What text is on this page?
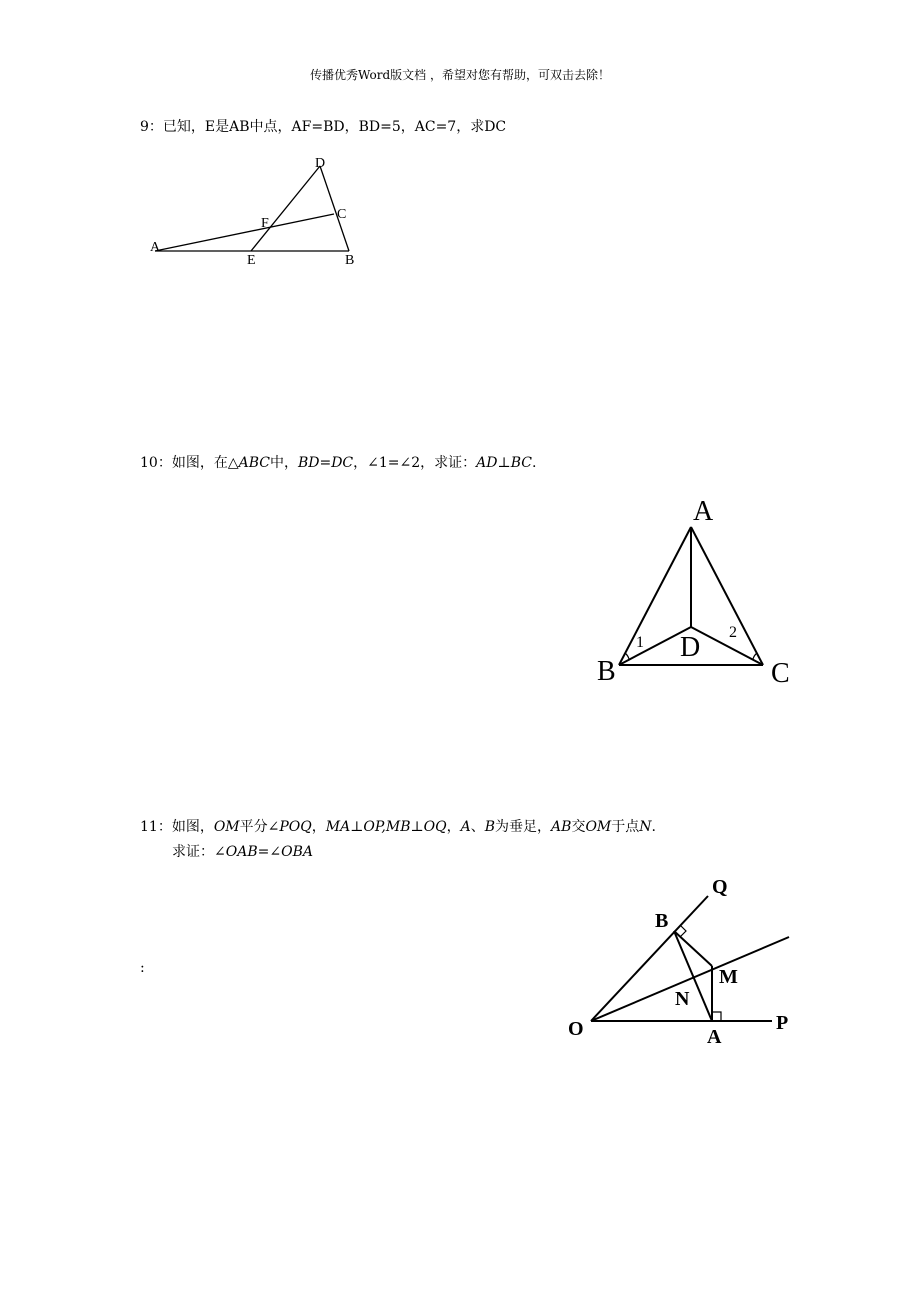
传播优秀Word版文档 ，希望对您有帮助，可双击去除！
9：已知，E是AB中点，AF=BD，BD=5，AC=7，求DC
A
E	B
D
C
F
10：如图，在△ABC中，BD=DC，∠1=∠2，求证：AD⊥BC.
A
B	C
D
1
2
11：如图，OM平分∠POQ，MA⊥OP,MB⊥OQ，A、B为垂足，AB交OM于点N.
求证：∠OAB=∠OBA
:
O	A
P
Q
B
M
N
